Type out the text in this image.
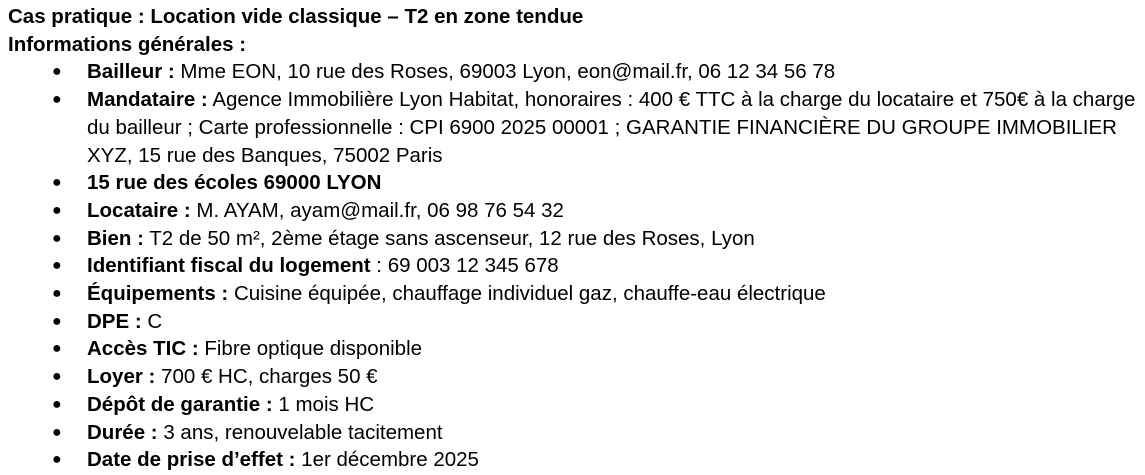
Cas pratique : Location vide classique – T2 en zone tendue

Informations générales :

● Bailleur : Mme EON, 10 rue des Roses, 69003 Lyon, eon@mail.fr, 06 12 34 56 78
● Mandataire : Agence Immobilière Lyon Habitat, honoraires : 400 € TTC à la charge du locataire et 750€ à la charge du bailleur ; Carte professionnelle : CPI 6900 2025 00001 ; GARANTIE FINANCIÈRE DU GROUPE IMMOBILIER XYZ, 15 rue des Banques, 75002 Paris
● 15 rue des écoles 69000 LYON
● Locataire : M. AYAM, ayam@mail.fr, 06 98 76 54 32
● Bien : T2 de 50 m², 2ème étage sans ascenseur, 12 rue des Roses, Lyon
● Identifiant fiscal du logement : 69 003 12 345 678
● Équipements : Cuisine équipée, chauffage individuel gaz, chauffe-eau électrique
● DPE : C
● Accès TIC : Fibre optique disponible
● Loyer : 700 € HC, charges 50 €
● Dépôt de garantie : 1 mois HC
● Durée : 3 ans, renouvelable tacitement
● Date de prise d’effet : 1er décembre 2025
